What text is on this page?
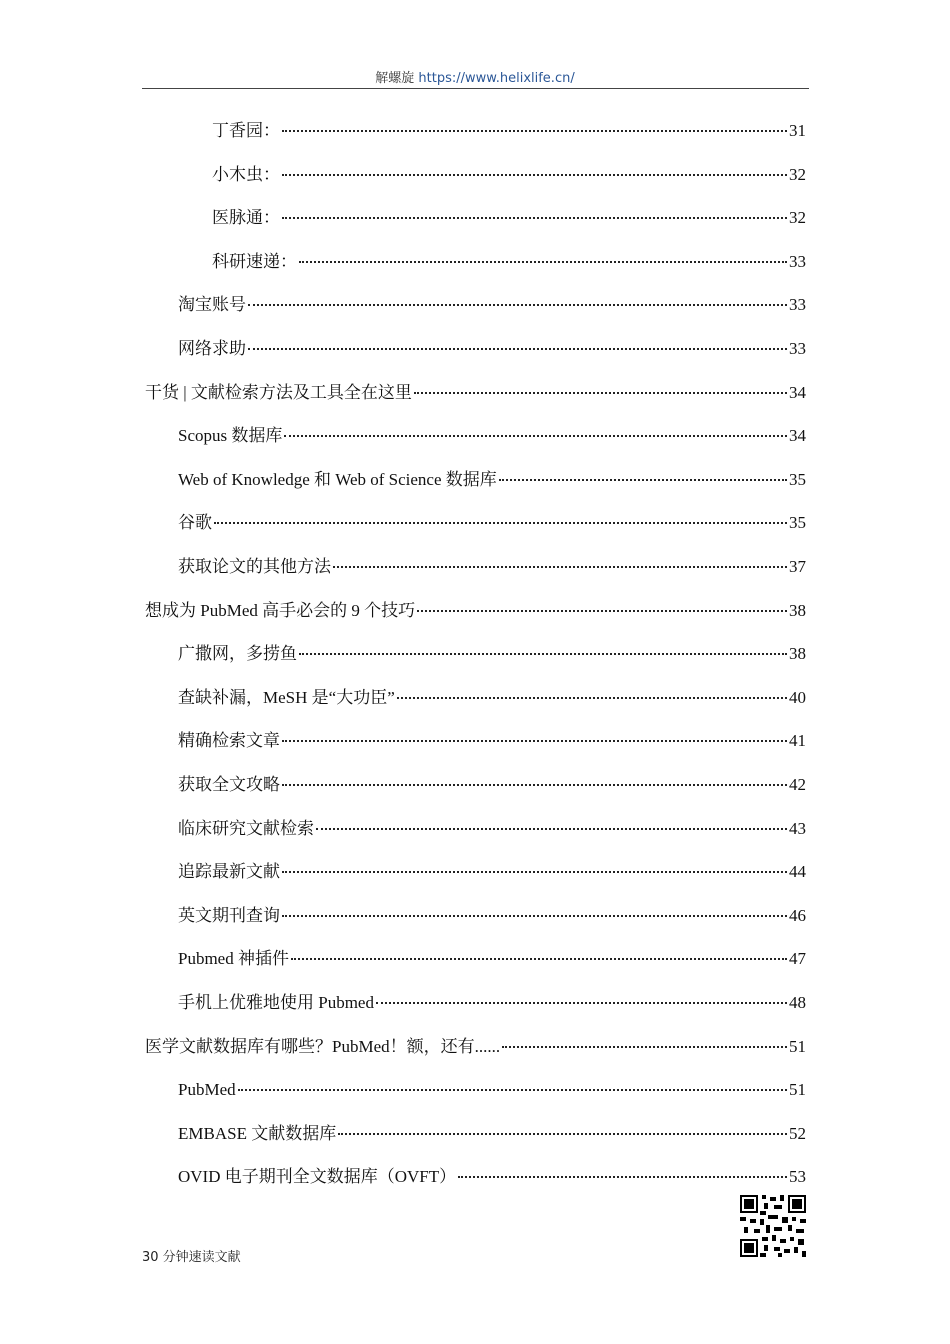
解螺旋 https://www.helixlife.cn/
丁香园：	31
小木虫：	32
医脉通：	32
科研速递：	33
淘宝账号	33
网络求助	33
干货 | 文献检索方法及工具全在这里	34
Scopus 数据库	34
Web of Knowledge 和 Web of Science 数据库	35
谷歌	35
获取论文的其他方法	37
想成为 PubMed 高手必会的 9 个技巧	38
广撒网，多捞鱼	38
查缺补漏，MeSH 是“大功臣”	40
精确检索文章	41
获取全文攻略	42
临床研究文献检索	43
追踪最新文献	44
英文期刊查询	46
Pubmed 神插件	47
手机上优雅地使用 Pubmed	48
医学文献数据库有哪些？PubMed！额，还有......	51
PubMed	51
EMBASE 文献数据库	52
OVID 电子期刊全文数据库（OVFT）	53
30 分钟速读文献
